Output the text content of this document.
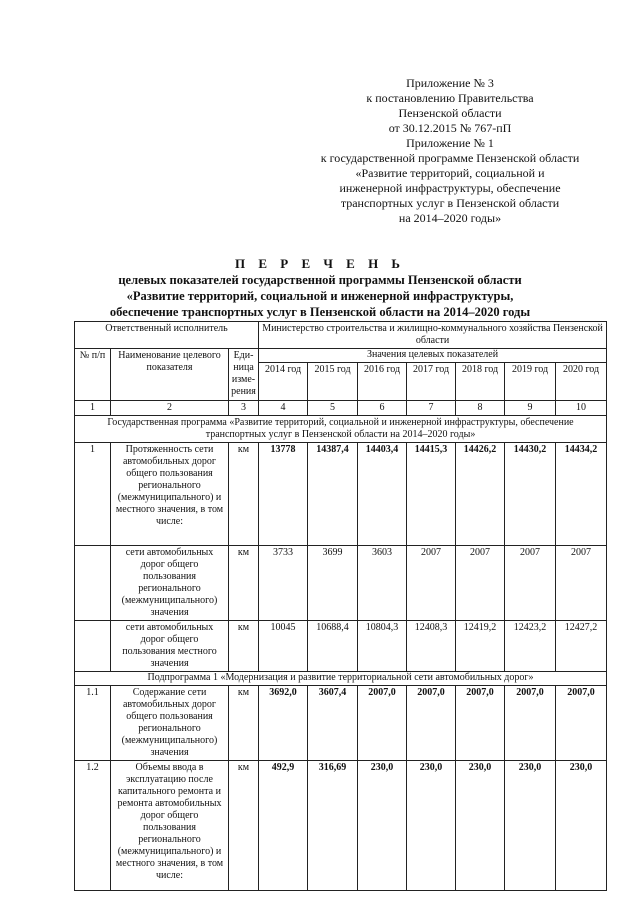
Приложение № 3
к постановлению Правительства
Пензенской области
от 30.12.2015 № 767-пП
Приложение № 1
к государственной программе Пензенской области
«Развитие территорий, социальной и
инженерной инфраструктуры, обеспечение
транспортных услуг в Пензенской области
на 2014–2020 годы»
П Е Р Е Ч Е Н Ь
целевых показателей государственной программы Пензенской области
«Развитие территорий, социальной и инженерной инфраструктуры,
обеспечение транспортных услуг в Пензенской области на 2014–2020 годы
Ответственный исполнитель			Министерство строительства и жилищно-коммунального хозяйства Пензенской области						
№ п/п	Наименование целевого показателя	Еди-ница изме-рения	Значения целевых показателей						
			2014 год	2015 год	2016 год	2017 год	2018 год	2019 год	2020 год
1	2	3	4	5	6	7	8	9	10
Государственная программа «Развитие территорий, социальной и инженерной инфраструктуры, обеспечение транспортных услуг в Пензенской области на 2014–2020 годы»									
1	Протяженность сети автомобильных дорог общего пользования регионального (межмуниципального) и местного значения, в том числе:	км	13778	14387,4	14403,4	14415,3	14426,2	14430,2	14434,2
	сети автомобильных дорог общего пользования регионального (межмуниципального) значения	км	3733	3699	3603	2007	2007	2007	2007
	сети автомобильных дорог общего пользования местного значения	км	10045	10688,4	10804,3	12408,3	12419,2	12423,2	12427,2
Подпрограмма 1 «Модернизация и развитие территориальной сети автомобильных дорог»									
1.1	Содержание сети автомобильных дорог общего пользования регионального (межмуниципального) значения	км	3692,0	3607,4	2007,0	2007,0	2007,0	2007,0	2007,0
1.2	Объемы ввода в эксплуатацию после капитального ремонта и ремонта автомобильных дорог общего пользования регионального (межмуниципального) и местного значения, в том числе:	км	492,9	316,69	230,0	230,0	230,0	230,0	230,0
